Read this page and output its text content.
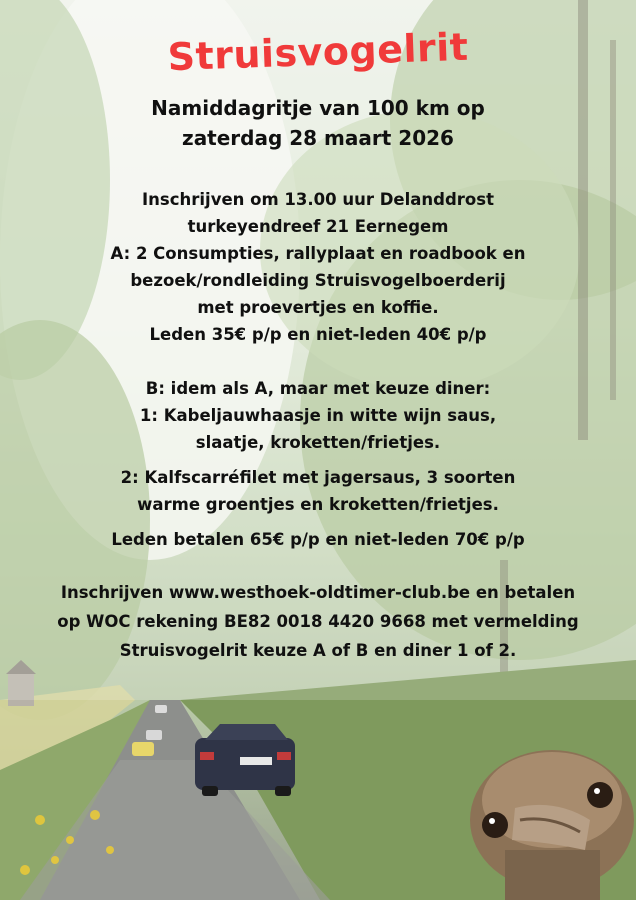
Struisvogelrit
Namiddagritje van 100 km op
zaterdag 28 maart 2026
Inschrijven om 13.00 uur Delanddrost
turkeyendreef 21 Eernegem
A: 2 Consumpties, rallyplaat en roadbook en
bezoek/rondleiding Struisvogelboerderij
met proevertjes en koffie.
Leden 35€ p/p en niet-leden 40€ p/p
B: idem als A, maar met keuze diner:
1: Kabeljauwhaasje in witte wijn saus,
slaatje, kroketten/frietjes.
2: Kalfscarréfilet met jagersaus, 3 soorten
warme groentjes en kroketten/frietjes.
Leden betalen 65€ p/p en niet-leden 70€ p/p
Inschrijven www.westhoek-oldtimer-club.be en betalen
op WOC rekening BE82 0018 4420 9668 met vermelding
Struisvogelrit keuze A of B en diner 1 of 2.
